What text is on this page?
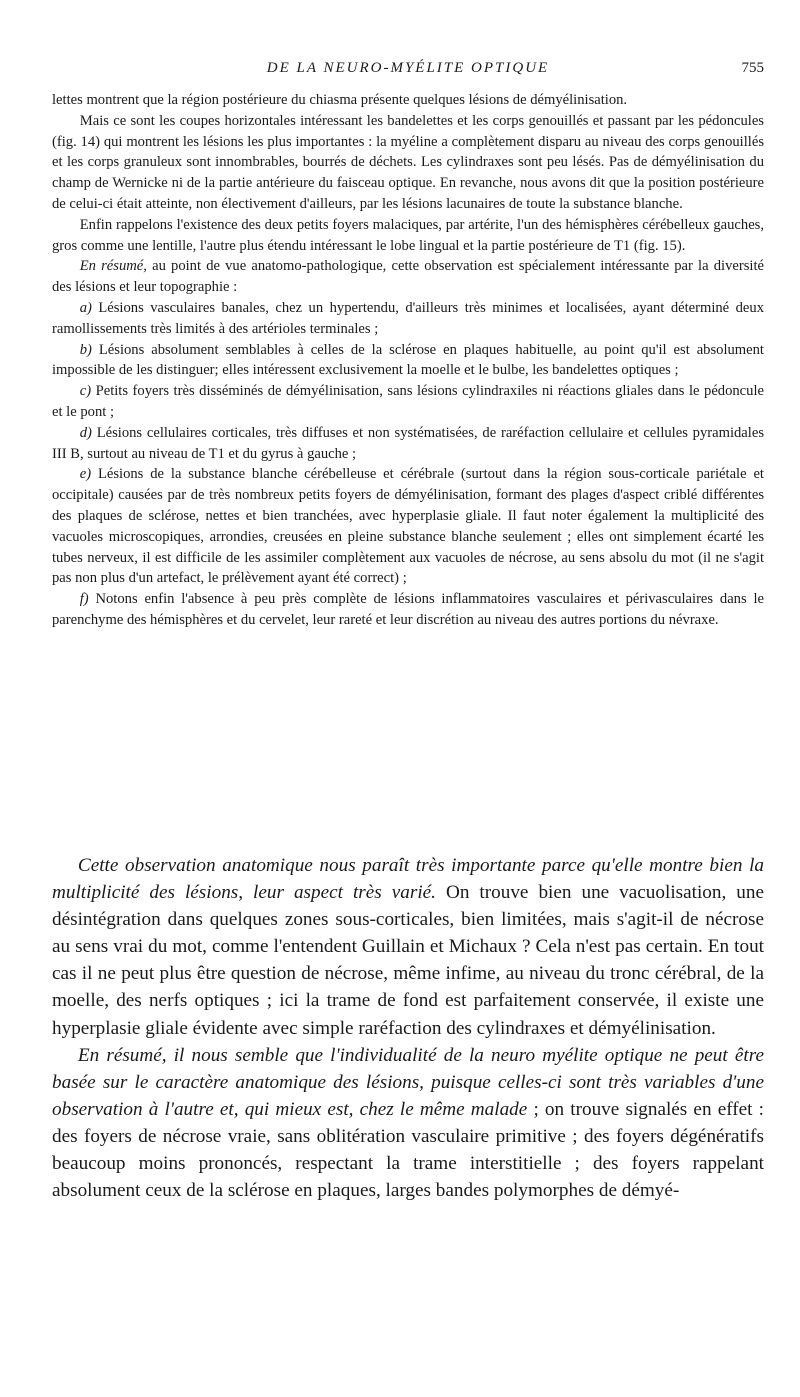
DE LA NEURO-MYÉLITE OPTIQUE	755

lettes montrent que la région postérieure du chiasma présente quelques lésions de démyélinisation.

Mais ce sont les coupes horizontales intéressant les bandelettes et les corps genouillés et passant par les pédoncules (fig. 14) qui montrent les lésions les plus importantes : la myéline a complètement disparu au niveau des corps genouillés et les corps granuleux sont innombrables, bourrés de déchets. Les cylindraxes sont peu lésés. Pas de démyélinisation du champ de Wernicke ni de la partie antérieure du faisceau optique. En revanche, nous avons dit que la position postérieure de celui-ci était atteinte, non électivement d'ailleurs, par les lésions lacunaires de toute la substance blanche.

Enfin rappelons l'existence des deux petits foyers malaciques, par artérite, l'un des hémisphères cérébelleux gauches, gros comme une lentille, l'autre plus étendu intéressant le lobe lingual et la partie postérieure de T1 (fig. 15).

En résumé, au point de vue anatomo-pathologique, cette observation est spécialement intéressante par la diversité des lésions et leur topographie :

a) Lésions vasculaires banales, chez un hypertendu, d'ailleurs très minimes et localisées, ayant déterminé deux ramollissements très limités à des artérioles terminales ;

b) Lésions absolument semblables à celles de la sclérose en plaques habituelle, au point qu'il est absolument impossible de les distinguer; elles intéressent exclusivement la moelle et le bulbe, les bandelettes optiques ;

c) Petits foyers très disséminés de démyélinisation, sans lésions cylindraxiles ni réactions gliales dans le pédoncule et le pont ;

d) Lésions cellulaires corticales, très diffuses et non systématisées, de raréfaction cellulaire et cellules pyramidales III B, surtout au niveau de T1 et du gyrus à gauche ;

e) Lésions de la substance blanche cérébelleuse et cérébrale (surtout dans la région sous-corticale pariétale et occipitale) causées par de très nombreux petits foyers de démyélinisation, formant des plages d'aspect criblé différentes des plaques de sclérose, nettes et bien tranchées, avec hyperplasie gliale. Il faut noter également la multiplicité des vacuoles microscopiques, arrondies, creusées en pleine substance blanche seulement ; elles ont simplement écarté les tubes nerveux, il est difficile de les assimiler complètement aux vacuoles de nécrose, au sens absolu du mot (il ne s'agit pas non plus d'un artefact, le prélèvement ayant été correct) ;

f) Notons enfin l'absence à peu près complète de lésions inflammatoires vasculaires et périvasculaires dans le parenchyme des hémisphères et du cervelet, leur rareté et leur discrétion au niveau des autres portions du névraxe.

Cette observation anatomique nous paraît très importante parce qu'elle montre bien la multiplicité des lésions, leur aspect très varié. On trouve bien une vacuolisation, une désintégration dans quelques zones sous-corticales, bien limitées, mais s'agit-il de nécrose au sens vrai du mot, comme l'entendent Guillain et Michaux ? Cela n'est pas certain. En tout cas il ne peut plus être question de nécrose, même infime, au niveau du tronc cérébral, de la moelle, des nerfs optiques ; ici la trame de fond est parfaitement conservée, il existe une hyperplasie gliale évidente avec simple raréfaction des cylindraxes et démyélinisation.

En résumé, il nous semble que l'individualité de la neuro myélite optique ne peut être basée sur le caractère anatomique des lésions, puisque celles-ci sont très variables d'une observation à l'autre et, qui mieux est, chez le même malade ; on trouve signalés en effet : des foyers de nécrose vraie, sans oblitération vasculaire primitive ; des foyers dégénératifs beaucoup moins prononcés, respectant la trame interstitielle ; des foyers rappelant absolument ceux de la sclérose en plaques, larges bandes polymorphes de démyé-
